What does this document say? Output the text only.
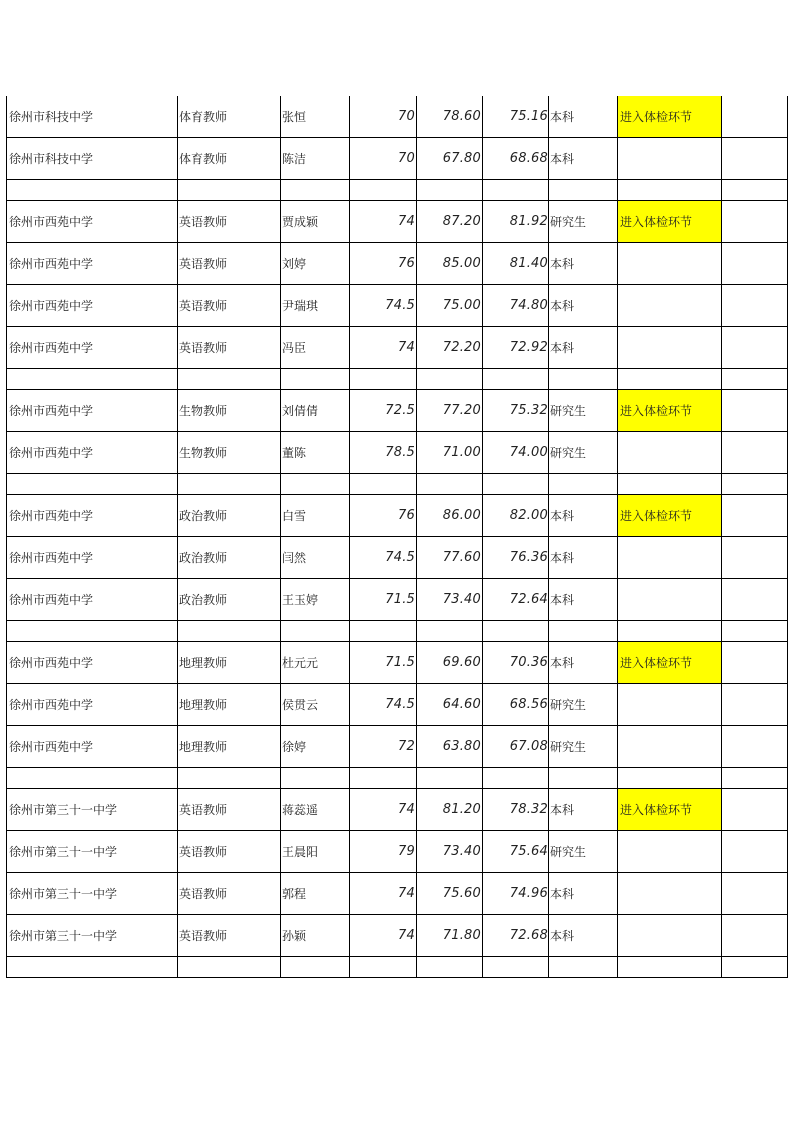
徐州市科技中学	体育教师	张恒	70	78.60	75.16 本科	进入体检环节
徐州市科技中学	体育教师	陈洁	70	67.80	68.68 本科
徐州市西苑中学	英语教师	贾成颖	74	87.20	81.92 研究生	进入体检环节
徐州市西苑中学	英语教师	刘婷	76	85.00	81.40 本科
徐州市西苑中学	英语教师	尹瑞琪	74.5	75.00	74.80 本科
徐州市西苑中学	英语教师	冯臣	74	72.20	72.92 本科
徐州市西苑中学	生物教师	刘倩倩	72.5	77.20	75.32 研究生	进入体检环节
徐州市西苑中学	生物教师	董陈	78.5	71.00	74.00 研究生
徐州市西苑中学	政治教师	白雪	76	86.00	82.00 本科	进入体检环节
徐州市西苑中学	政治教师	闫然	74.5	77.60	76.36 本科
徐州市西苑中学	政治教师	王玉婷	71.5	73.40	72.64 本科
徐州市西苑中学	地理教师	杜元元	71.5	69.60	70.36 本科	进入体检环节
徐州市西苑中学	地理教师	侯贯云	74.5	64.60	68.56 研究生
徐州市西苑中学	地理教师	徐婷	72	63.80	67.08 研究生
徐州市第三十一中学	英语教师	蒋蕊遥	74	81.20	78.32 本科	进入体检环节
徐州市第三十一中学	英语教师	王晨阳	79	73.40	75.64 研究生
徐州市第三十一中学	英语教师	郭程	74	75.60	74.96 本科
徐州市第三十一中学	英语教师	孙颖	74	71.80	72.68 本科
